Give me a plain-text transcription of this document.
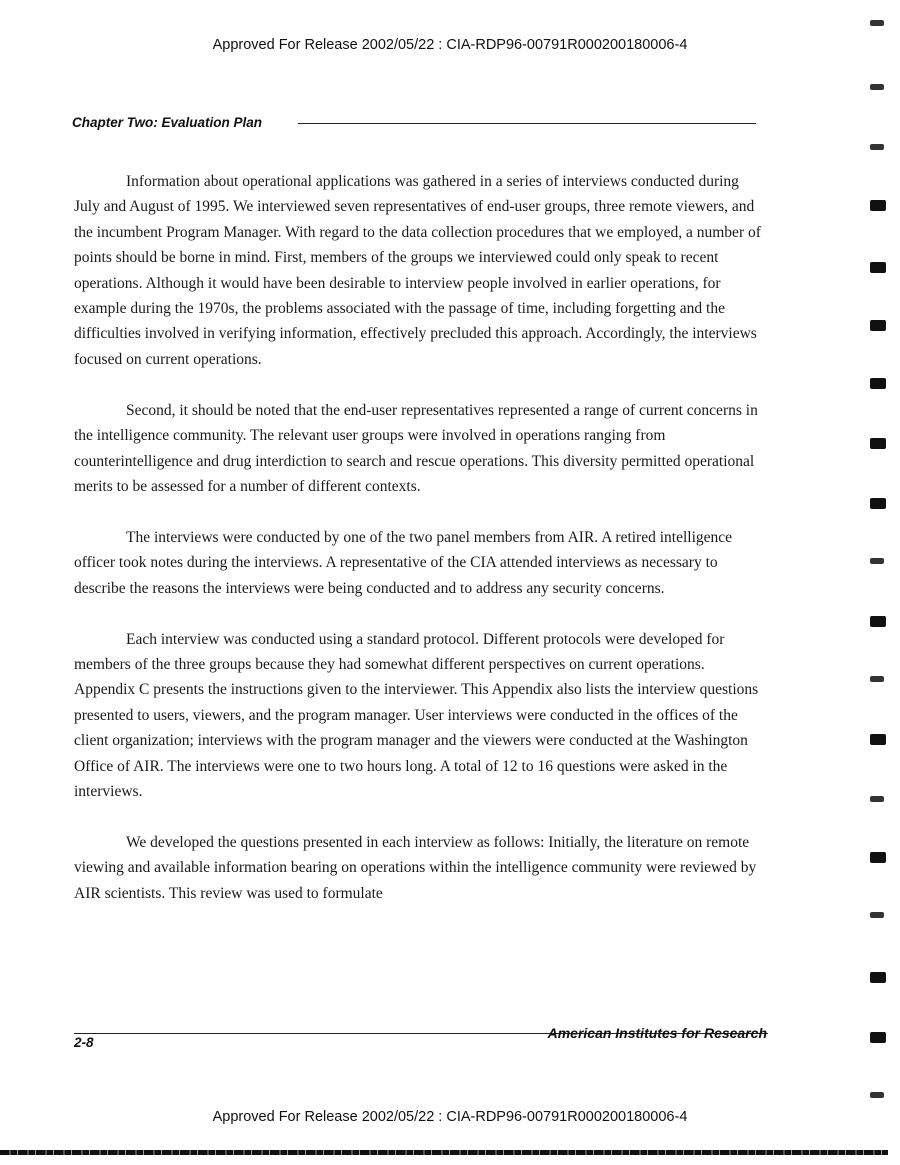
Approved For Release 2002/05/22 : CIA-RDP96-00791R000200180006-4
Chapter Two: Evaluation Plan

Information about operational applications was gathered in a series of interviews conducted during July and August of 1995. We interviewed seven representatives of end-user groups, three remote viewers, and the incumbent Program Manager. With regard to the data collection procedures that we employed, a number of points should be borne in mind. First, members of the groups we interviewed could only speak to recent operations. Although it would have been desirable to interview people involved in earlier operations, for example during the 1970s, the problems associated with the passage of time, including forgetting and the difficulties involved in verifying information, effectively precluded this approach. Accordingly, the interviews focused on current operations.

Second, it should be noted that the end-user representatives represented a range of current concerns in the intelligence community. The relevant user groups were involved in operations ranging from counterintelligence and drug interdiction to search and rescue operations. This diversity permitted operational merits to be assessed for a number of different contexts.

The interviews were conducted by one of the two panel members from AIR. A retired intelligence officer took notes during the interviews. A representative of the CIA attended interviews as necessary to describe the reasons the interviews were being conducted and to address any security concerns.

Each interview was conducted using a standard protocol. Different protocols were developed for members of the three groups because they had somewhat different perspectives on current operations. Appendix C presents the instructions given to the interviewer. This Appendix also lists the interview questions presented to users, viewers, and the program manager. User interviews were conducted in the offices of the client organization; interviews with the program manager and the viewers were conducted at the Washington Office of AIR. The interviews were one to two hours long. A total of 12 to 16 questions were asked in the interviews.

We developed the questions presented in each interview as follows: Initially, the literature on remote viewing and available information bearing on operations within the intelligence community were reviewed by AIR scientists. This review was used to formulate

2-8
American Institutes for Research
Approved For Release 2002/05/22 : CIA-RDP96-00791R000200180006-4
